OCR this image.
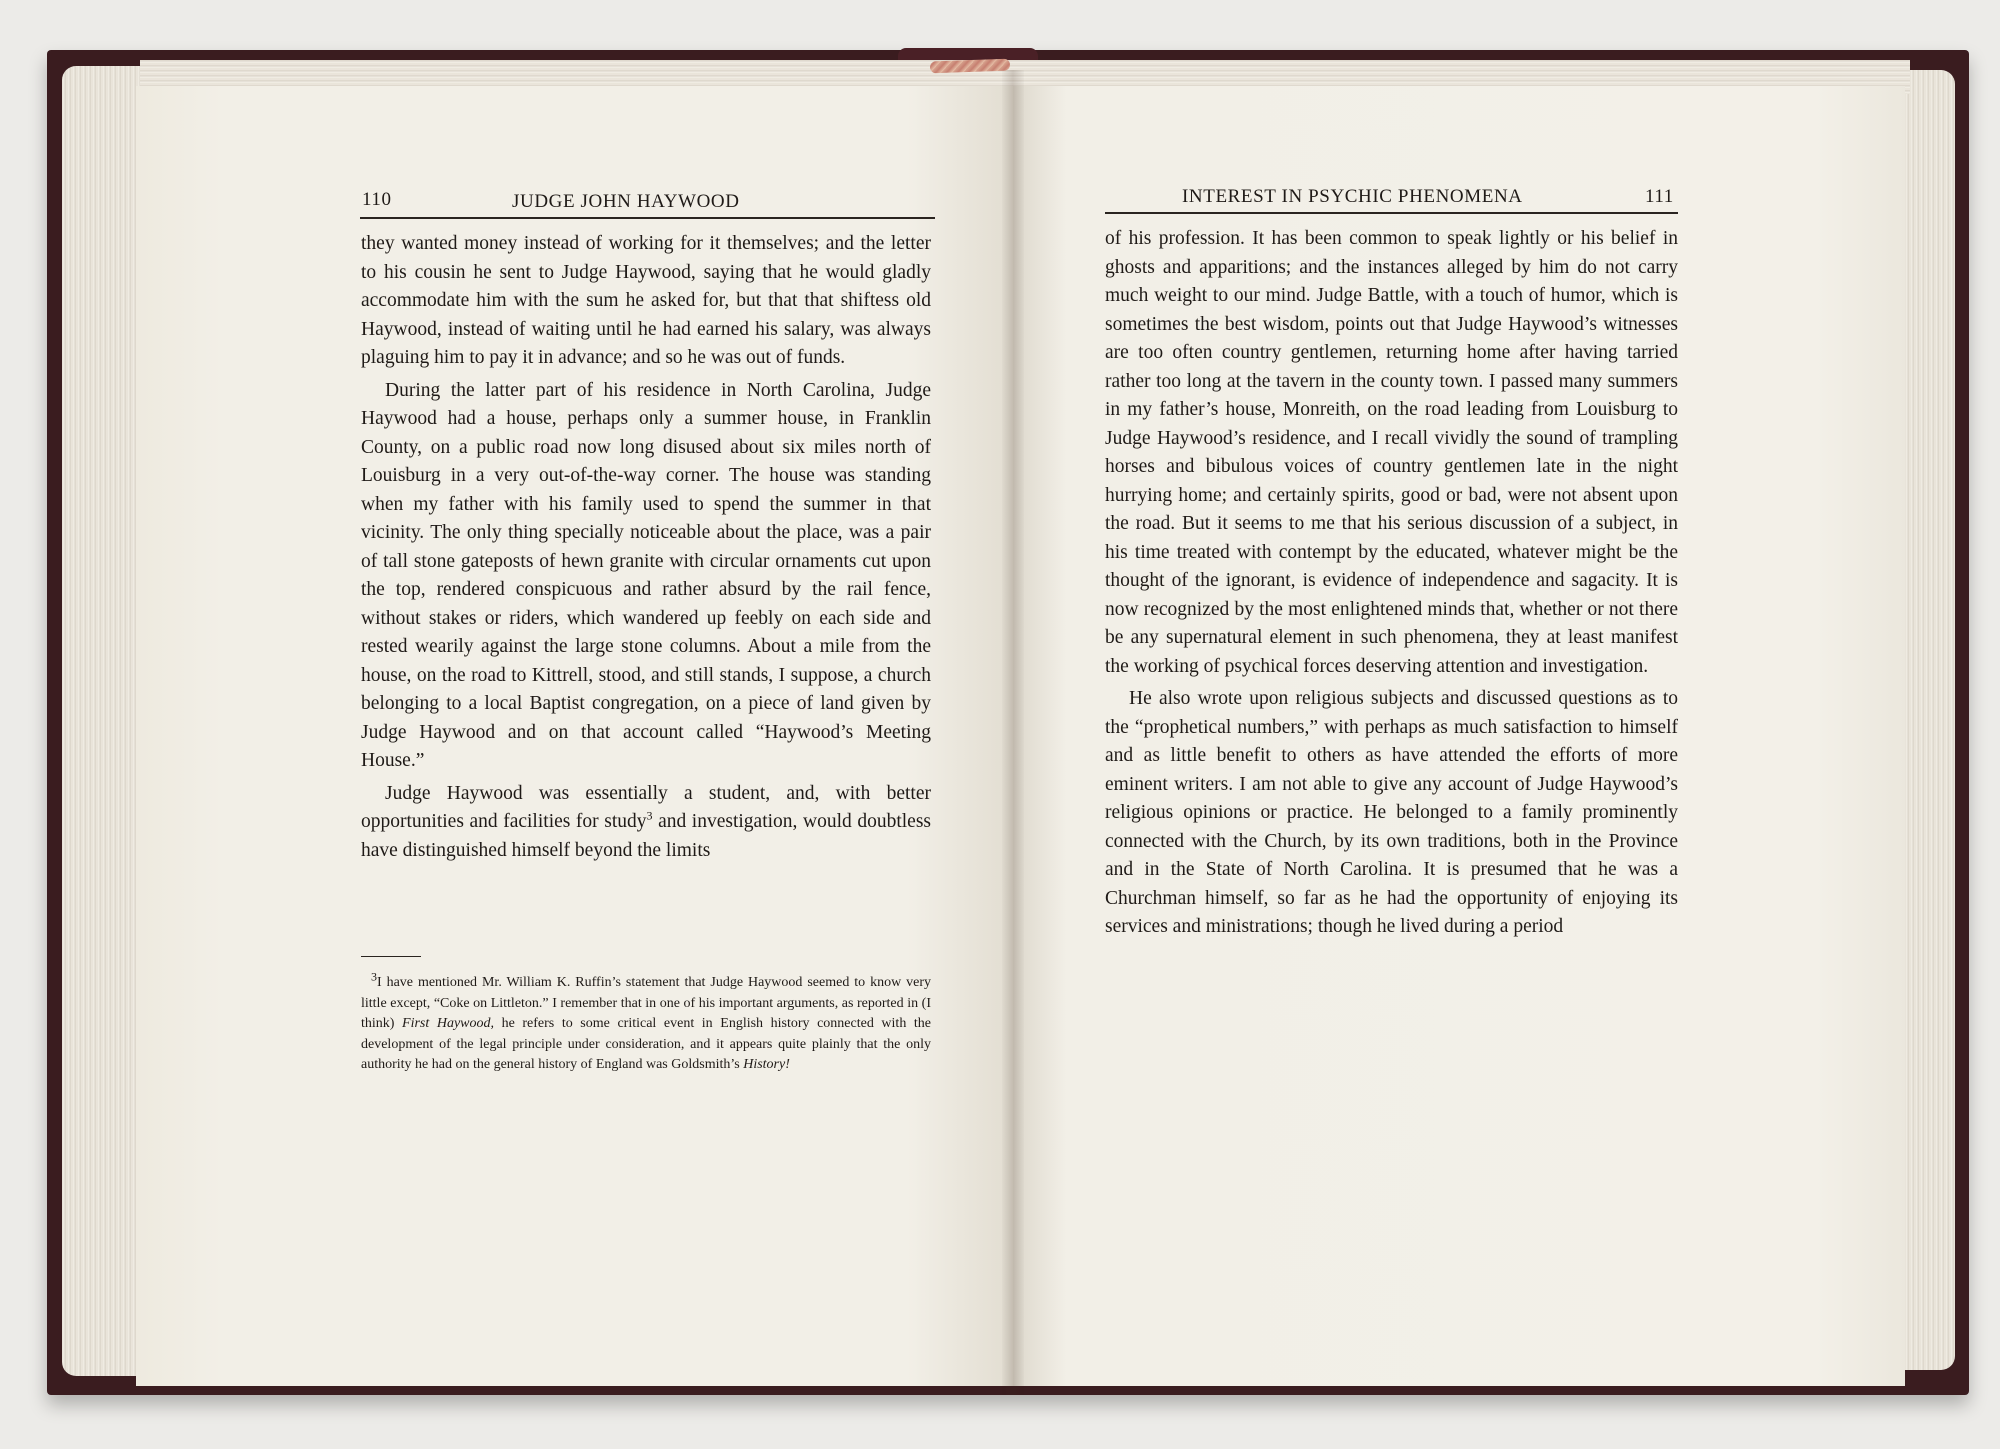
110	JUDGE JOHN HAYWOOD

they wanted money instead of working for it themselves; and the letter to his cousin he sent to Judge Haywood, saying that he would gladly accommodate him with the sum he asked for, but that that shiftess old Haywood, instead of waiting until he had earned his salary, was always plaguing him to pay it in advance; and so he was out of funds.

During the latter part of his residence in North Carolina, Judge Haywood had a house, perhaps only a summer house, in Franklin County, on a public road now long disused about six miles north of Louisburg in a very out-of-the-way corner. The house was standing when my father with his family used to spend the summer in that vicinity. The only thing specially noticeable about the place, was a pair of tall stone gateposts of hewn granite with circular ornaments cut upon the top, rendered conspicuous and rather absurd by the rail fence, without stakes or riders, which wandered up feebly on each side and rested wearily against the large stone columns. About a mile from the house, on the road to Kittrell, stood, and still stands, I suppose, a church belonging to a local Baptist congregation, on a piece of land given by Judge Haywood and on that account called “Haywood’s Meeting House.”

Judge Haywood was essentially a student, and, with better opportunities and facilities for study$^3$ and investigation, would doubtless have distinguished himself beyond the limits

3I have mentioned Mr. William K. Ruffin’s statement that Judge Haywood seemed to know very little except, “Coke on Littleton.” I remember that in one of his important arguments, as reported in (I think) First Haywood, he refers to some critical event in English history connected with the development of the legal principle under consideration, and it appears quite plainly that the only authority he had on the general history of England was Goldsmith’s History!

INTEREST IN PSYCHIC PHENOMENA	111

of his profession. It has been common to speak lightly or his belief in ghosts and apparitions; and the instances alleged by him do not carry much weight to our mind. Judge Battle, with a touch of humor, which is sometimes the best wisdom, points out that Judge Haywood’s witnesses are too often country gentlemen, returning home after having tarried rather too long at the tavern in the county town. I passed many summers in my father’s house, Monreith, on the road leading from Louisburg to Judge Haywood’s residence, and I recall vividly the sound of trampling horses and bibulous voices of country gentlemen late in the night hurrying home; and certainly spirits, good or bad, were not absent upon the road. But it seems to me that his serious discussion of a subject, in his time treated with contempt by the educated, whatever might be the thought of the ignorant, is evidence of independence and sagacity. It is now recognized by the most enlightened minds that, whether or not there be any supernatural element in such phenomena, they at least manifest the working of psychical forces deserving attention and investigation.

He also wrote upon religious subjects and discussed questions as to the “prophetical numbers,” with perhaps as much satisfaction to himself and as little benefit to others as have attended the efforts of more eminent writers. I am not able to give any account of Judge Haywood’s religious opinions or practice. He belonged to a family prominently connected with the Church, by its own traditions, both in the Province and in the State of North Carolina. It is presumed that he was a Churchman himself, so far as he had the opportunity of enjoying its services and ministrations; though he lived during a period
